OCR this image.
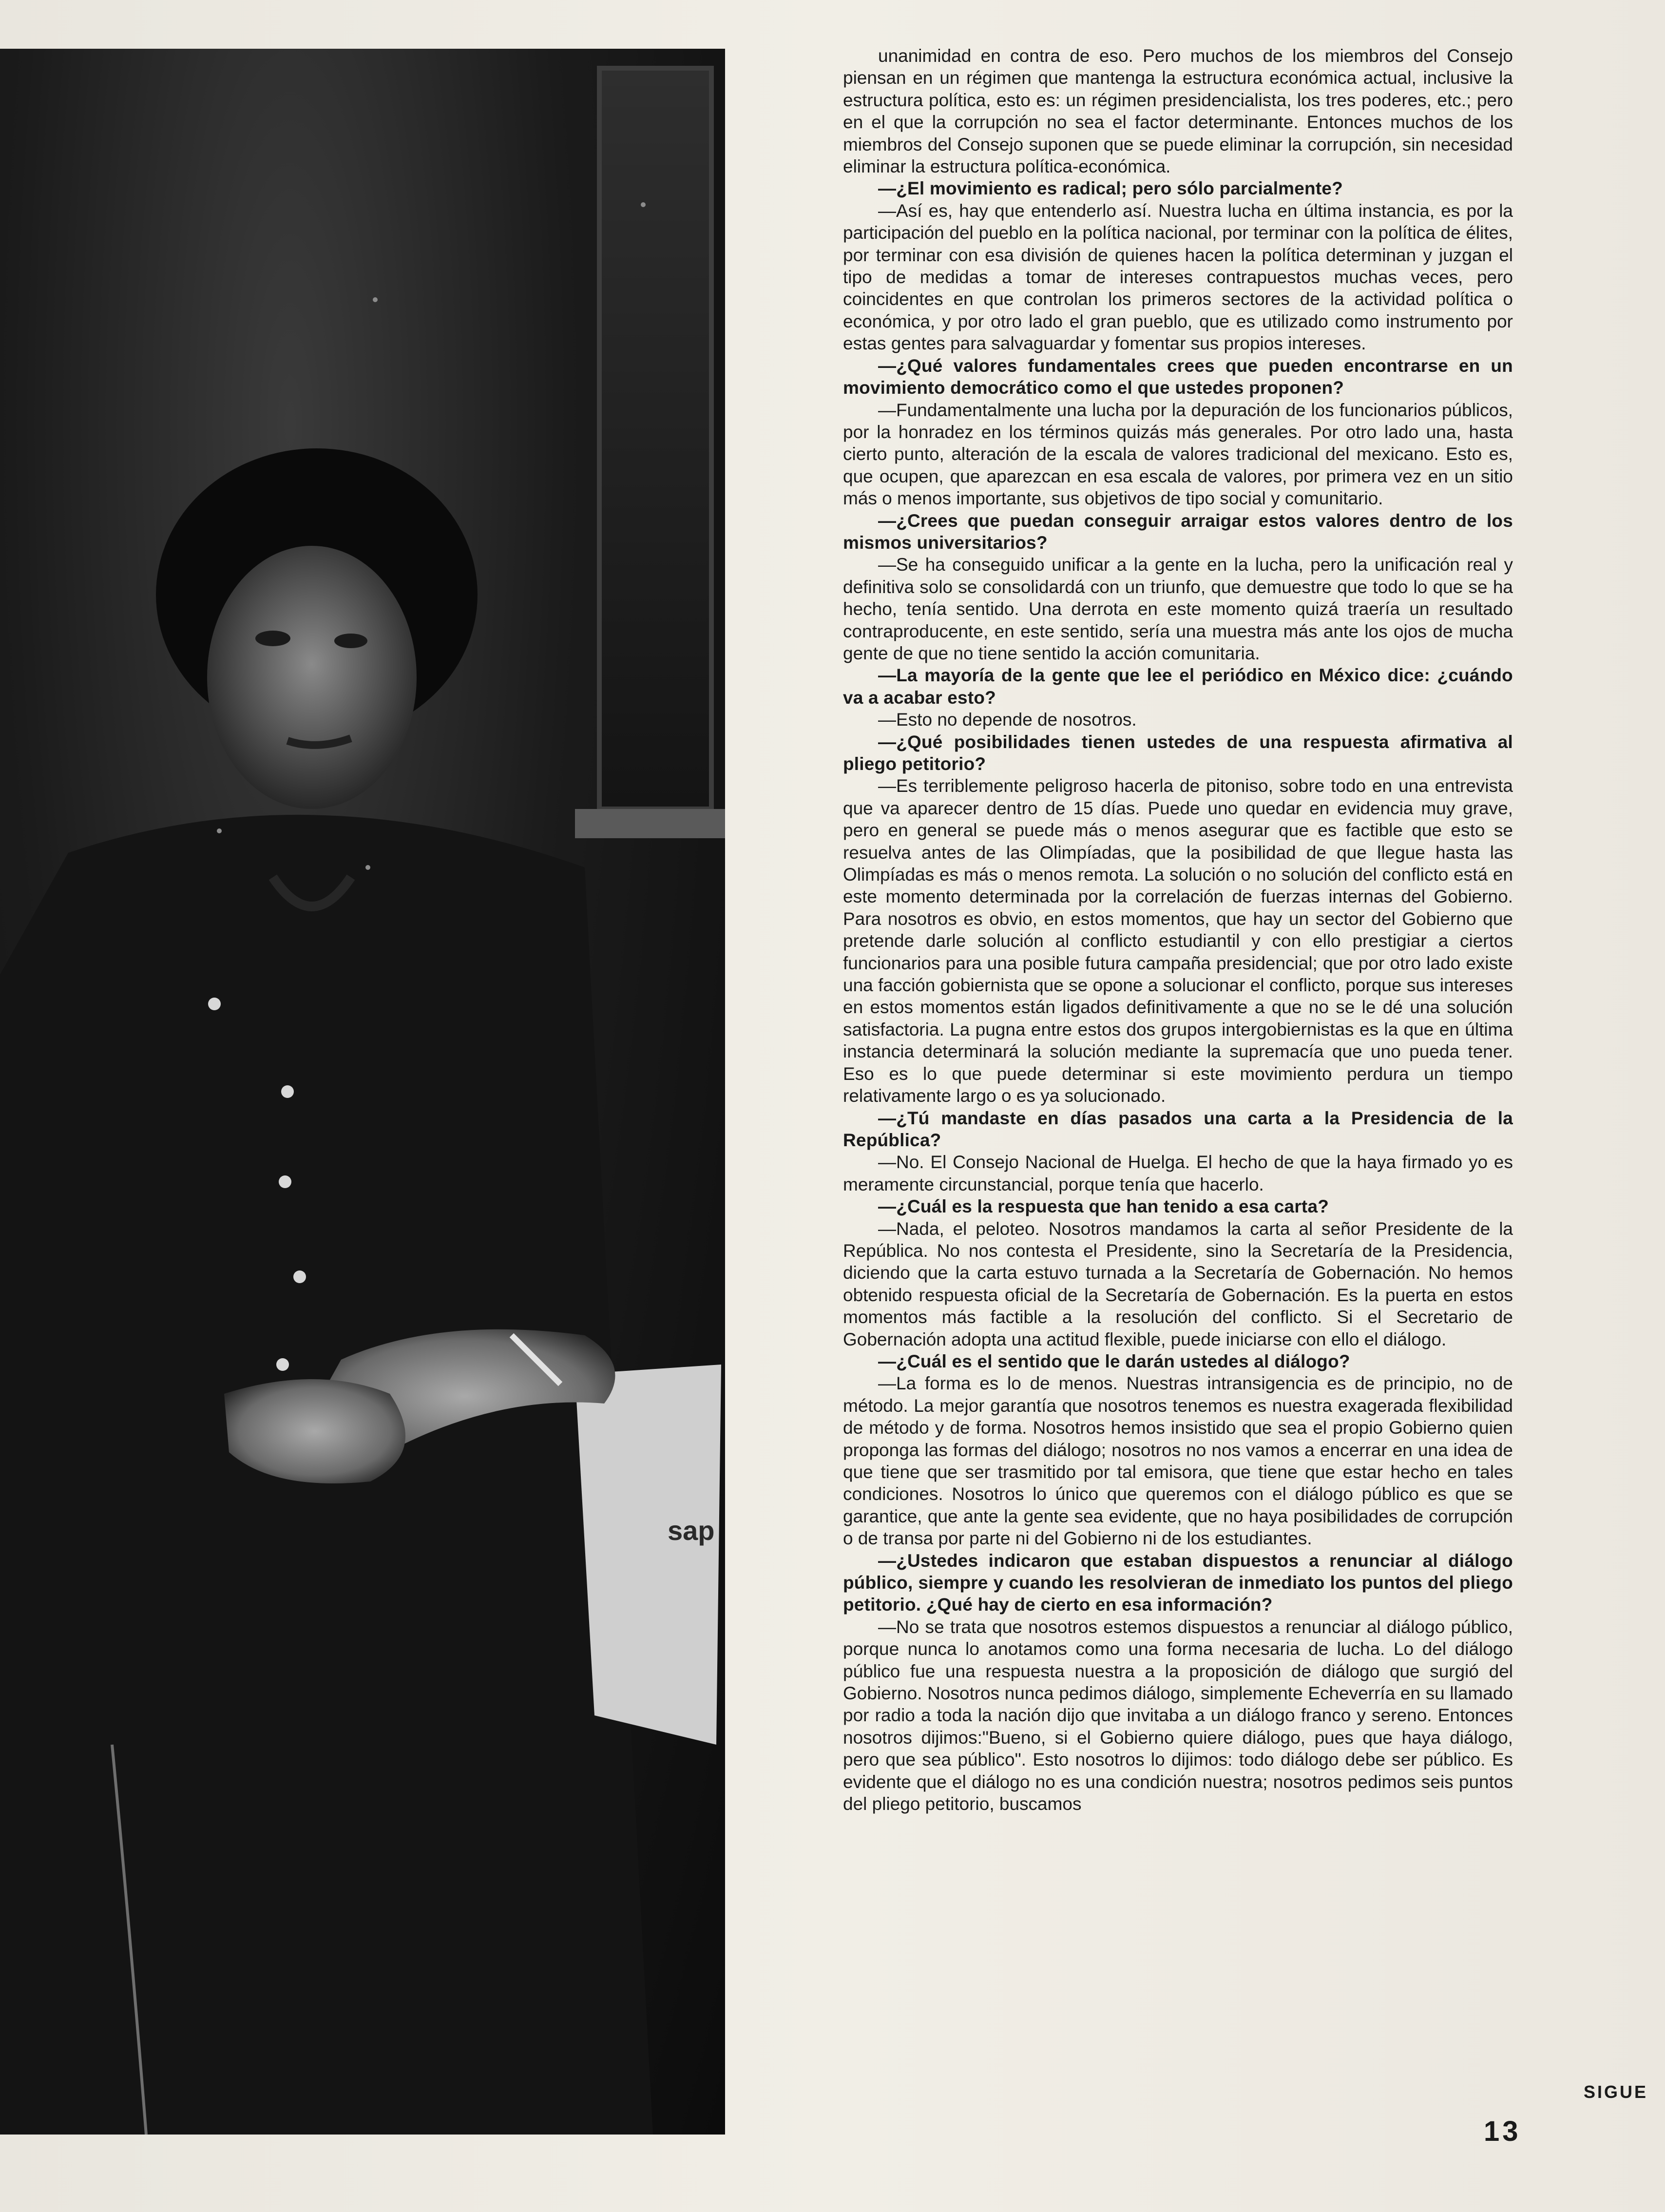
sap

unanimidad en contra de eso. Pero muchos de los miembros del Consejo piensan en un régimen que mantenga la estructura económica actual, inclusive la estructura política, esto es: un régimen presidencialista, los tres poderes, etc.; pero en el que la corrupción no sea el factor determinante. Entonces muchos de los miembros del Consejo suponen que se puede eliminar la corrupción, sin necesidad eliminar la estructura política-económica.

—¿El movimiento es radical; pero sólo parcialmente?

—Así es, hay que entenderlo así. Nuestra lucha en última instancia, es por la participación del pueblo en la política nacional, por terminar con la política de élites, por terminar con esa división de quienes hacen la política determinan y juzgan el tipo de medidas a tomar de intereses contrapuestos muchas veces, pero coincidentes en que controlan los primeros sectores de la actividad política o económica, y por otro lado el gran pueblo, que es utilizado como instrumento por estas gentes para salvaguardar y fomentar sus propios intereses.

—¿Qué valores fundamentales crees que pueden encontrarse en un movimiento democrático como el que ustedes proponen?

—Fundamentalmente una lucha por la depuración de los funcionarios públicos, por la honradez en los términos quizás más generales. Por otro lado una, hasta cierto punto, alteración de la escala de valores tradicional del mexicano. Esto es, que ocupen, que aparezcan en esa escala de valores, por primera vez en un sitio más o menos importante, sus objetivos de tipo social y comunitario.

—¿Crees que puedan conseguir arraigar estos valores dentro de los mismos universitarios?

—Se ha conseguido unificar a la gente en la lucha, pero la unificación real y definitiva solo se consolidardá con un triunfo, que demuestre que todo lo que se ha hecho, tenía sentido. Una derrota en este momento quizá traería un resultado contraproducente, en este sentido, sería una muestra más ante los ojos de mucha gente de que no tiene sentido la acción comunitaria.

—La mayoría de la gente que lee el periódico en México dice: ¿cuándo va a acabar esto?

—Esto no depende de nosotros.

—¿Qué posibilidades tienen ustedes de una respuesta afirmativa al pliego petitorio?

—Es terriblemente peligroso hacerla de pitoniso, sobre todo en una entrevista que va aparecer dentro de 15 días. Puede uno quedar en evidencia muy grave, pero en general se puede más o menos asegurar que es factible que esto se resuelva antes de las Olimpíadas, que la posibilidad de que llegue hasta las Olimpíadas es más o menos remota. La solución o no solución del conflicto está en este momento determinada por la correlación de fuerzas internas del Gobierno. Para nosotros es obvio, en estos momentos, que hay un sector del Gobierno que pretende darle solución al conflicto estudiantil y con ello prestigiar a ciertos funcionarios para una posible futura campaña presidencial; que por otro lado existe una facción gobiernista que se opone a solucionar el conflicto, porque sus intereses en estos momentos están ligados definitivamente a que no se le dé una solución satisfactoria. La pugna entre estos dos grupos intergobiernistas es la que en última instancia determinará la solución mediante la supremacía que uno pueda tener. Eso es lo que puede determinar si este movimiento perdura un tiempo relativamente largo o es ya solucionado.

—¿Tú mandaste en días pasados una carta a la Presidencia de la República?

—No. El Consejo Nacional de Huelga. El hecho de que la haya firmado yo es meramente circunstancial, porque tenía que hacerlo.

—¿Cuál es la respuesta que han tenido a esa carta?

—Nada, el peloteo. Nosotros mandamos la carta al señor Presidente de la República. No nos contesta el Presidente, sino la Secretaría de la Presidencia, diciendo que la carta estuvo turnada a la Secretaría de Gobernación. No hemos obtenido respuesta oficial de la Secretaría de Gobernación. Es la puerta en estos momentos más factible a la resolución del conflicto. Si el Secretario de Gobernación adopta una actitud flexible, puede iniciarse con ello el diálogo.

—¿Cuál es el sentido que le darán ustedes al diálogo?

—La forma es lo de menos. Nuestras intransigencia es de principio, no de método. La mejor garantía que nosotros tenemos es nuestra exagerada flexibilidad de método y de forma. Nosotros hemos insistido que sea el propio Gobierno quien proponga las formas del diálogo; nosotros no nos vamos a encerrar en una idea de que tiene que ser trasmitido por tal emisora, que tiene que estar hecho en tales condiciones. Nosotros lo único que queremos con el diálogo público es que se garantice, que ante la gente sea evidente, que no haya posibilidades de corrupción o de transa por parte ni del Gobierno ni de los estudiantes.

—¿Ustedes indicaron que estaban dispuestos a renunciar al diálogo público, siempre y cuando les resolvieran de inmediato los puntos del pliego petitorio. ¿Qué hay de cierto en esa información?

—No se trata que nosotros estemos dispuestos a renunciar al diálogo público, porque nunca lo anotamos como una forma necesaria de lucha. Lo del diálogo público fue una respuesta nuestra a la proposición de diálogo que surgió del Gobierno. Nosotros nunca pedimos diálogo, simplemente Echeverría en su llamado por radio a toda la nación dijo que invitaba a un diálogo franco y sereno. Entonces nosotros dijimos:"Bueno, si el Gobierno quiere diálogo, pues que haya diálogo, pero que sea público". Esto nosotros lo dijimos: todo diálogo debe ser público. Es evidente que el diálogo no es una condición nuestra; nosotros pedimos seis puntos del pliego petitorio, buscamos

SIGUE
13
